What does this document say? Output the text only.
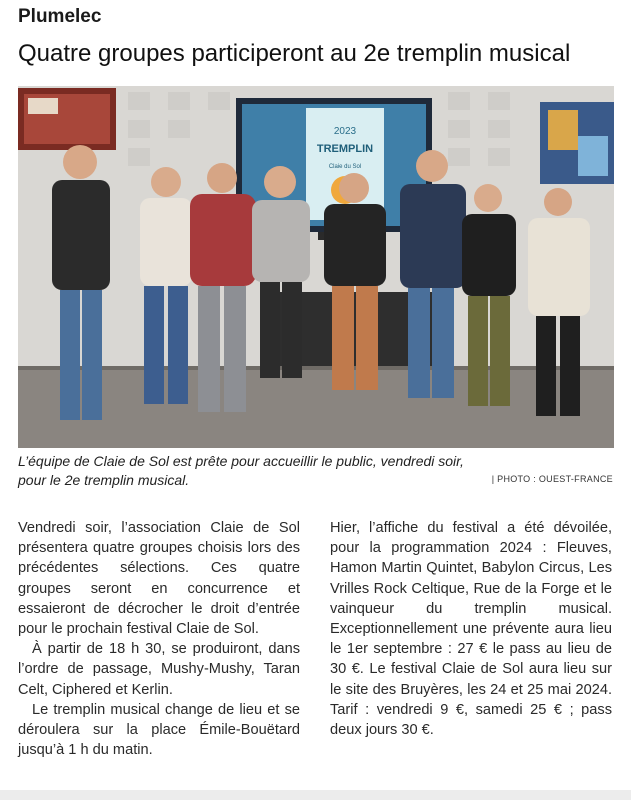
Plumelec
Quatre groupes participeront au 2e tremplin musical
2023
TREMPLIN
Claie du Sol
L’équipe de Claie de Sol est prête pour accueillir le public, vendredi soir, pour le 2e tremplin musical.	| PHOTO : OUEST-FRANCE

Vendredi soir, l’association Claie de Sol présentera quatre groupes choisis lors des précédentes sélections. Ces quatre groupes seront en concurrence et essaieront de décrocher le droit d’entrée pour le prochain festival Claie de Sol.

À partir de 18 h 30, se produiront, dans l’ordre de passage, Mushy-Mushy, Taran Celt, Ciphered et Kerlin.

Le tremplin musical change de lieu et se déroulera sur la place Émile-Bouëtard jusqu’à 1 h du matin.

Hier, l’affiche du festival a été dévoilée, pour la programmation 2024 : Fleuves, Hamon Martin Quintet, Babylon Circus, Les Vrilles Rock Celtique, Rue de la Forge et le vainqueur du tremplin musical. Exceptionnellement une prévente aura lieu le 1er septembre : 27 € le pass au lieu de 30 €. Le festival Claie de Sol aura lieu sur le site des Bruyères, les 24 et 25 mai 2024. Tarif : vendredi 9 €, samedi 25 € ; pass deux jours 30 €.
